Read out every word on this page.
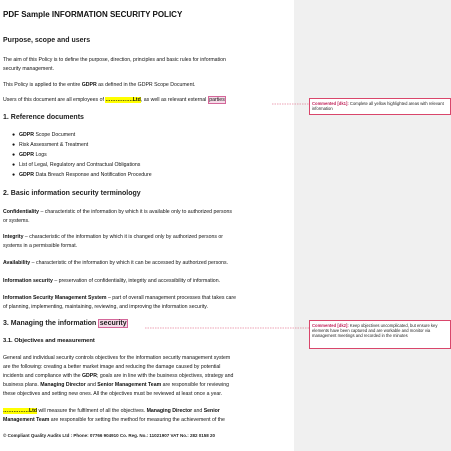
PDF Sample INFORMATION SECURITY POLICY
Purpose, scope and users
The aim of this Policy is to define the purpose, direction, principles and basic rules for information
security management.
This Policy is applied to the entire GDPR as defined in the GDPR Scope Document.
Users of this document are all employees of …………….Ltd, as well as relevant external parties
1. Reference documents
● GDPR Scope Document
● Risk Assessment & Treatment
● GDPR Logs
● List of Legal, Regulatory and Contractual Obligations
● GDPR Data Breach Response and Notification Procedure
2. Basic information security terminology
Confidentiality – characteristic of the information by which it is available only to authorized persons
or systems.
Integrity – characteristic of the information by which it is changed only by authorized persons or
systems in a permissible format.
Availability – characteristic of the information by which it can be accessed by authorized persons.
Information security – preservation of confidentiality, integrity and accessibility of information.
Information Security Management System – part of overall management processes that takes care
of planning, implementing, maintaining, reviewing, and improving the information security.
3. Managing the information security
3.1. Objectives and measurement
General and individual security controls objectives for the information security management system
are the following: creating a better market image and reducing the damage caused by potential
incidents and compliance with the GDPR; goals are in line with the business objectives, strategy and
business plans. Managing Director and Senior Management Team are responsible for reviewing
these objectives and setting new ones. All the objectives must be reviewed at least once a year.
……………Ltd will measure the fulfilment of all the objectives. Managing Director and Senior
Management Team are responsible for setting the method for measuring the achievement of the
© Compliant Quality Audits Ltd : Phone: 07766 904910 Co. Reg. No.: 11021907 VAT No.: 282 0158 20
Commented [dk1]: Complete all yellow highlighted areas with relevant information
Commented [dk2]: Keep objectives uncomplicated, but ensure key elements have been captured and are workable and monitor via management meetings and recorded in the minutes
